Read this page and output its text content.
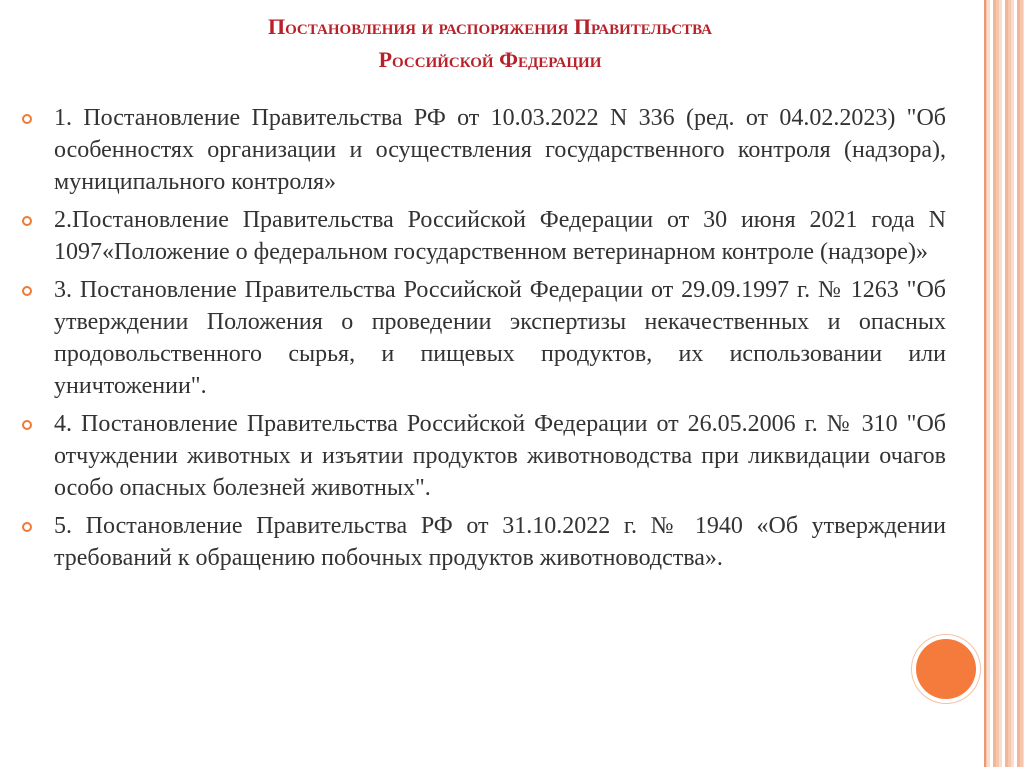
Постановления и распоряжения Правительства
Российской Федерации
1. Постановление Правительства РФ от 10.03.2022 N 336 (ред. от 04.02.2023) "Об особенностях организации и осуществления государственного контроля (надзора), муниципального контроля»
2.Постановление Правительства Российской Федерации от 30 июня 2021 года N 1097«Положение о федеральном государственном ветеринарном контроле (надзоре)»
3. Постановление Правительства Российской Федерации от 29.09.1997 г. № 1263 "Об утверждении Положения о проведении экспертизы некачественных и опасных продовольственного сырья, и пищевых продуктов, их использовании или уничтожении".
4. Постановление Правительства Российской Федерации от 26.05.2006 г. № 310 "Об отчуждении животных и изъятии продуктов животноводства при ликвидации очагов особо опасных болезней животных".
5. Постановление Правительства РФ от 31.10.2022 г. № 1940 «Об утверждении требований к обращению побочных продуктов животноводства».
